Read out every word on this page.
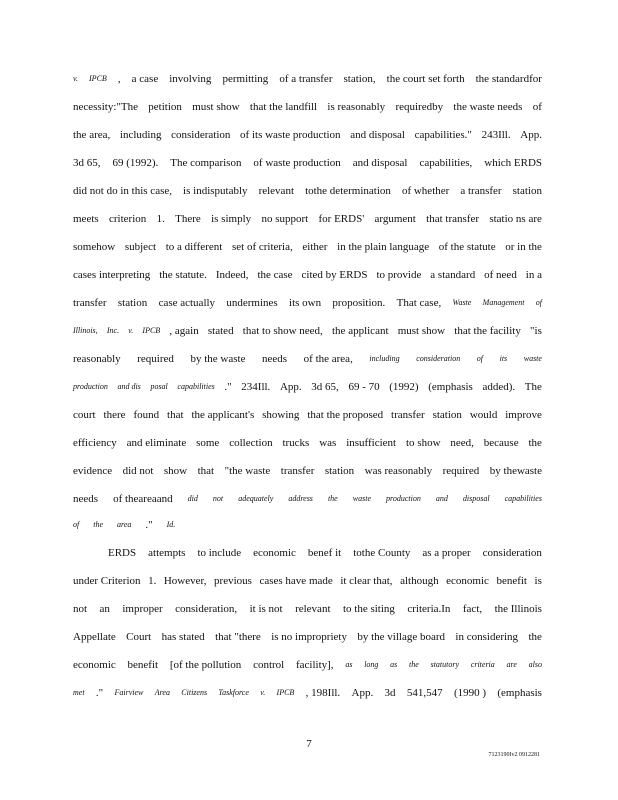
7
7123190Iv2 0912281
v. IPCB , a case involving permitting of a transfer station, the court set forth the standardfor
necessity:"The petition must show that the landfill is reasonably requiredby the waste needs of
the area, including consideration of its waste production and disposal capabilities." 243Ill. App.
3d 65, 69 (1992). The comparison of waste production and disposal capabilities, which ERDS
did not do in this case, is indisputably relevant tothe determination of whether a transfer station
meets criterion 1. There is simply no support for ERDS' argument that transfer statio ns are
somehow subject to a different set of criteria, either in the plain language of the statute or in the
cases interpreting the statute. Indeed, the case cited by ERDS to provide a standard of need in a
transfer station case actually undermines its own proposition. That case, Waste Management of
Illinois, Inc. v. IPCB , again stated that to show need, the applicant must show that the facility "is
reasonably required by the waste needs of the area, including consideration of its waste
production and dis posal capabilities ." 234Ill. App. 3d 65, 69 - 70 (1992) (emphasis added). The
court there found that the applicant's showing that the proposed transfer station would improve
efficiency and eliminate some collection trucks was insufficient to show need, because the
evidence did not show that "the waste transfer station was reasonably required by thewaste
needs of theareaand did not adequately address the waste production and disposal capabilities
of the area ." Id.
ERDS attempts to include economic benef it tothe County as a proper consideration
under Criterion 1. However, previous cases have made it clear that, although economic benefit is
not an improper consideration, it is not relevant to the siting criteria.In fact, the Illinois
Appellate Court has stated that "there is no impropriety by the village board in considering the
economic benefit [of the pollution control facility], as long as the statutory criteria are also
met ." Fairview Area Citizens Taskforce v. IPCB , 198Ill. App. 3d 541,547 (1990 ) (emphasis
